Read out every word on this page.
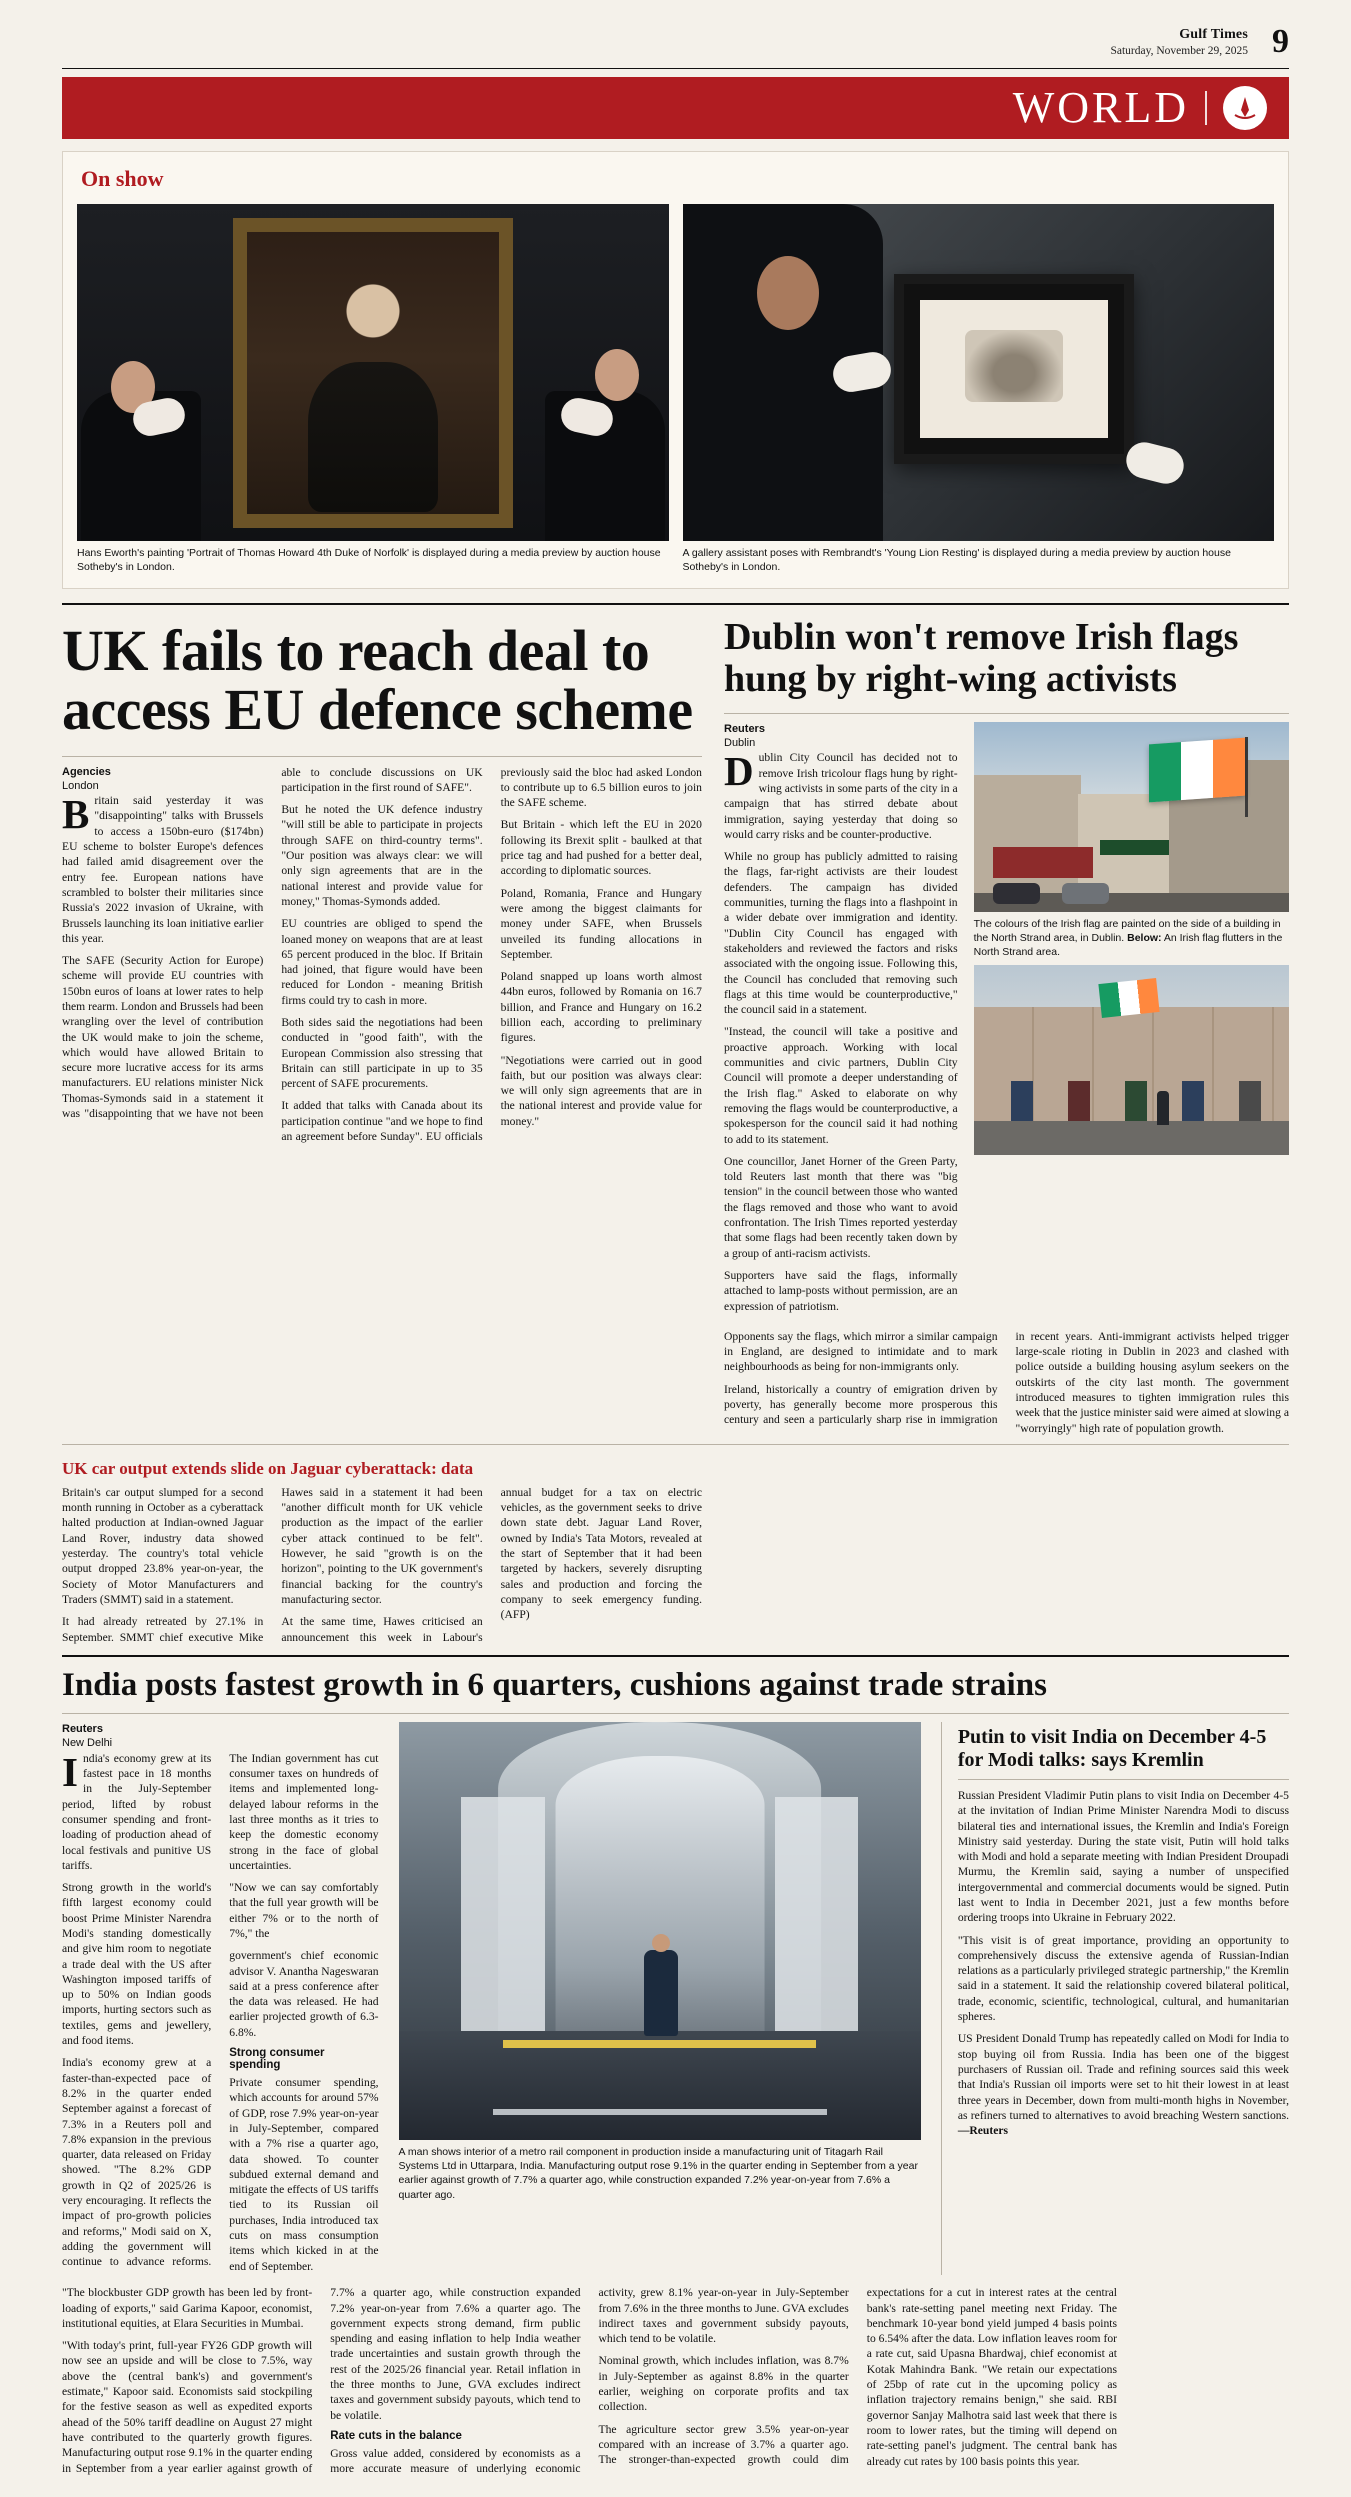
Gulf Times
Saturday, November 29, 2025 9
WORLD
On show
Hans Eworth's painting 'Portrait of Thomas Howard 4th Duke of Norfolk' is displayed during a media preview by auction house Sotheby's in London.
A gallery assistant poses with Rembrandt's 'Young Lion Resting' is displayed during a media preview by auction house Sotheby's in London.
UK fails to reach deal to access EU defence scheme
Agencies
London

Britain said yesterday it was "disappointing" talks with Brussels to access a 150bn-euro ($174bn) EU scheme to bolster Europe's defences had failed amid disagreement over the entry fee. European nations have scrambled to bolster their militaries since Russia's 2022 invasion of Ukraine, with Brussels launching its loan initiative earlier this year.

The SAFE (Security Action for Europe) scheme will provide EU countries with 150bn euros of loans at lower rates to help them rearm. London and Brussels had been wrangling over the level of contribution the UK would make to join the scheme, which would have allowed Britain to secure more lucrative access for its arms manufacturers. EU relations minister Nick Thomas-Symonds said in a statement it was "disappointing that we have not been able to conclude discussions on UK participation in the first round of SAFE".

But he noted the UK defence industry "will still be able to participate in projects through SAFE on third-country terms". "Our position was always clear: we will only sign agreements that are in the national interest and provide value for money," Thomas-Symonds added.

EU countries are obliged to spend the loaned money on weapons that are at least 65 percent produced in the bloc. If Britain had joined, that figure would have been reduced for London - meaning British firms could try to cash in more.

Both sides said the negotiations had been conducted in "good faith", with the European Commission also stressing that Britain can still participate in up to 35 percent of SAFE procurements.

It added that talks with Canada about its participation continue "and we hope to find an agreement before Sunday". EU officials previously said the bloc had asked London to contribute up to 6.5 billion euros to join the SAFE scheme.

But Britain - which left the EU in 2020 following its Brexit split - baulked at that price tag and had pushed for a better deal, according to diplomatic sources.

Poland, Romania, France and Hungary were among the biggest claimants for money under SAFE, when Brussels unveiled its funding allocations in September.

Poland snapped up loans worth almost 44bn euros, followed by Romania on 16.7 billion, and France and Hungary on 16.2 billion each, according to preliminary figures.

"Negotiations were carried out in good faith, but our position was always clear: we will only sign agreements that are in the national interest and provide value for money."

Dublin won't remove Irish flags hung by right-wing activists
Reuters
Dublin

Dublin City Council has decided not to remove Irish tricolour flags hung by right-wing activists in some parts of the city in a campaign that has stirred debate about immigration, saying yesterday that doing so would carry risks and be counter-productive.

While no group has publicly admitted to raising the flags, far-right activists are their loudest defenders. The campaign has divided communities, turning the flags into a flashpoint in a wider debate over immigration and identity. "Dublin City Council has engaged with stakeholders and reviewed the factors and risks associated with the ongoing issue. Following this, the Council has concluded that removing such flags at this time would be counterproductive," the council said in a statement.

"Instead, the council will take a positive and proactive approach. Working with local communities and civic partners, Dublin City Council will promote a deeper understanding of the Irish flag." Asked to elaborate on why removing the flags would be counterproductive, a spokesperson for the council said it had nothing to add to its statement.

One councillor, Janet Horner of the Green Party, told Reuters last month that there was "big tension" in the council between those who wanted the flags removed and those who want to avoid confrontation. The Irish Times reported yesterday that some flags had been recently taken down by a group of anti-racism activists.

Supporters have said the flags, informally attached to lamp-posts without permission, are an expression of patriotism.

The colours of the Irish flag are painted on the side of a building in the North Strand area, in Dublin. Below: An Irish flag flutters in the North Strand area.

Opponents say the flags, which mirror a similar campaign in England, are designed to intimidate and to mark neighbourhoods as being for non-immigrants only.

Ireland, historically a country of emigration driven by poverty, has generally become more prosperous this century and seen a particularly sharp rise in immigration in recent years. Anti-immigrant activists helped trigger large-scale rioting in Dublin in 2023 and clashed with police outside a building housing asylum seekers on the outskirts of the city last month. The government introduced measures to tighten immigration rules this week that the justice minister said were aimed at slowing a "worryingly" high rate of population growth.

UK car output extends slide on Jaguar cyberattack: data

Britain's car output slumped for a second month running in October as a cyberattack halted production at Indian-owned Jaguar Land Rover, industry data showed yesterday. The country's total vehicle output dropped 23.8% year-on-year, the Society of Motor Manufacturers and Traders (SMMT) said in a statement.

It had already retreated by 27.1% in September. SMMT chief executive Mike Hawes said in a statement it had been "another difficult month for UK vehicle production as the impact of the earlier cyber attack continued to be felt". However, he said "growth is on the horizon", pointing to the UK government's financial backing for the country's manufacturing sector.

At the same time, Hawes criticised an announcement this week in Labour's annual budget for a tax on electric vehicles, as the government seeks to drive down state debt. Jaguar Land Rover, owned by India's Tata Motors, revealed at the start of September that it had been targeted by hackers, severely disrupting sales and production and forcing the company to seek emergency funding. (AFP)

India posts fastest growth in 6 quarters, cushions against trade strains
Reuters
New Delhi

India's economy grew at its fastest pace in 18 months in the July-September period, lifted by robust consumer spending and front-loading of production ahead of local festivals and punitive US tariffs.

Strong growth in the world's fifth largest economy could boost Prime Minister Narendra Modi's standing domestically and give him room to negotiate a trade deal with the US after Washington imposed tariffs of up to 50% on Indian goods imports, hurting sectors such as textiles, gems and jewellery, and food items.

India's economy grew at a faster-than-expected pace of 8.2% in the quarter ended September against a forecast of 7.3% in a Reuters poll and 7.8% expansion in the previous quarter, data released on Friday showed. "The 8.2% GDP growth in Q2 of 2025/26 is very encouraging. It reflects the impact of pro-growth policies and reforms," Modi said on X, adding the government will continue to advance reforms. The Indian government has cut consumer taxes on hundreds of items and implemented long-delayed labour reforms in the last three months as it tries to keep the domestic economy strong in the face of global uncertainties.

"Now we can say comfortably that the full year growth will be either 7% or to the north of 7%," the

government's chief economic advisor V. Anantha Nageswaran said at a press conference after the data was released. He had earlier projected growth of 6.3-6.8%.

Strong consumer spending

Private consumer spending, which accounts for around 57% of GDP, rose 7.9% year-on-year in July-September, compared with a 7% rise a quarter ago, data showed. To counter subdued external demand and mitigate the effects of US tariffs tied to its Russian oil purchases, India introduced tax cuts on mass consumption items which kicked in at the end of September.

A man shows interior of a metro rail component in production inside a manufacturing unit of Titagarh Rail Systems Ltd in Uttarpara, India. Manufacturing output rose 9.1% in the quarter ending in September from a year earlier against growth of 7.7% a quarter ago, while construction expanded 7.2% year-on-year from 7.6% a quarter ago.
Putin to visit India on December 4-5 for Modi talks: says Kremlin

Russian President Vladimir Putin plans to visit India on December 4-5 at the invitation of Indian Prime Minister Narendra Modi to discuss bilateral ties and international issues, the Kremlin and India's Foreign Ministry said yesterday. During the state visit, Putin will hold talks with Modi and hold a separate meeting with Indian President Droupadi Murmu, the Kremlin said, saying a number of unspecified intergovernmental and commercial documents would be signed. Putin last went to India in December 2021, just a few months before ordering troops into Ukraine in February 2022.

"This visit is of great importance, providing an opportunity to comprehensively discuss the extensive agenda of Russian-Indian relations as a particularly privileged strategic partnership," the Kremlin said in a statement. It said the relationship covered bilateral political, trade, economic, scientific, technological, cultural, and humanitarian spheres.

US President Donald Trump has repeatedly called on Modi for India to stop buying oil from Russia. India has been one of the biggest purchasers of Russian oil. Trade and refining sources said this week that India's Russian oil imports were set to hit their lowest in at least three years in December, down from multi-month highs in November, as refiners turned to alternatives to avoid breaching Western sanctions. —Reuters

"The blockbuster GDP growth has been led by front-loading of exports," said Garima Kapoor, economist, institutional equities, at Elara Securities in Mumbai.

"With today's print, full-year FY26 GDP growth will now see an upside and will be close to 7.5%, way above the (central bank's) and government's estimate," Kapoor said. Economists said stockpiling for the festive season as well as expedited exports ahead of the 50% tariff deadline on August 27 might have contributed to the quarterly growth figures. Manufacturing output rose 9.1% in the quarter ending in September from a year earlier against growth of 7.7% a quarter ago, while construction expanded 7.2% year-on-year from 7.6% a quarter ago. The government expects strong demand, firm public spending and easing inflation to help India weather trade uncertainties and sustain growth through the rest of the 2025/26 financial year. Retail inflation in the three months to June, GVA excludes indirect taxes and government subsidy payouts, which tend to be volatile.

Rate cuts in the balance

Gross value added, considered by economists as a more accurate measure of underlying economic activity, grew 8.1% year-on-year in July-September from 7.6% in the three months to June. GVA excludes indirect taxes and government subsidy payouts, which tend to be volatile.

Nominal growth, which includes inflation, was 8.7% in July-September as against 8.8% in the quarter earlier, weighing on corporate profits and tax collection.

The agriculture sector grew 3.5% year-on-year compared with an increase of 3.7% a quarter ago. The stronger-than-expected growth could dim expectations for a cut in interest rates at the central bank's rate-setting panel meeting next Friday. The benchmark 10-year bond yield jumped 4 basis points to 6.54% after the data. Low inflation leaves room for a rate cut, said Upasna Bhardwaj, chief economist at Kotak Mahindra Bank. "We retain our expectations of 25bp of rate cut in the upcoming policy as inflation trajectory remains benign," she said. RBI governor Sanjay Malhotra said last week that there is room to lower rates, but the timing will depend on rate-setting panel's judgment. The central bank has already cut rates by 100 basis points this year.
